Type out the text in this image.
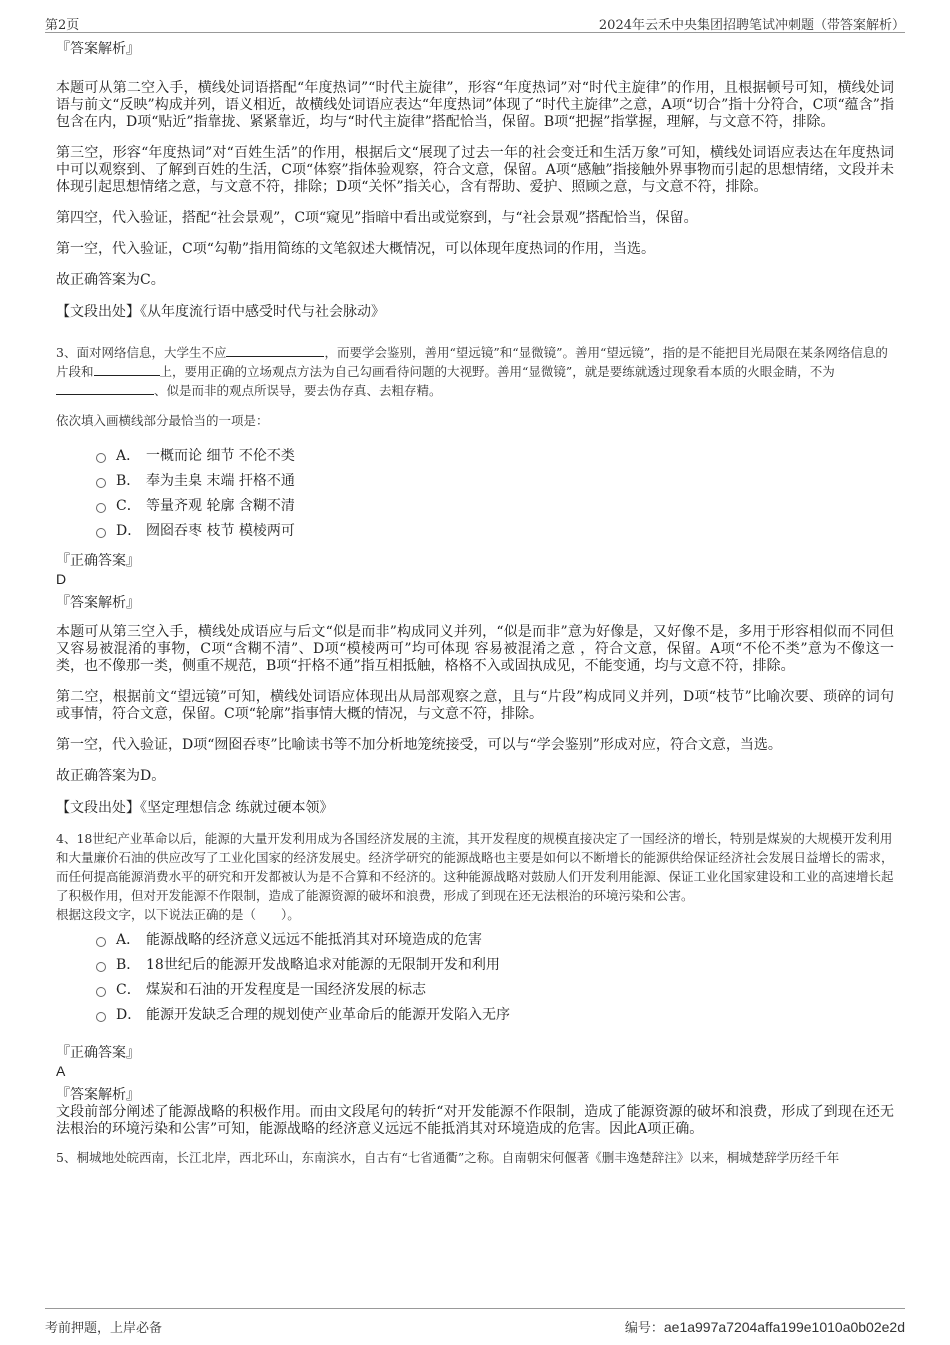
第2页	2024年云禾中央集团招聘笔试冲刺题（带答案解析）

『答案解析』

本题可从第二空入手，横线处词语搭配“年度热词”“时代主旋律”，形容“年度热词”对“时代主旋律”的作用，且根据顿号可知，横线处词语与前文“反映”构成并列，语义相近，故横线处词语应表达“年度热词”体现了“时代主旋律”之意，A项“切合”指十分符合，C项“蕴含”指包含在内，D项“贴近”指靠拢、紧紧靠近，均与“时代主旋律”搭配恰当，保留。B项“把握”指掌握，理解，与文意不符，排除。

第三空，形容“年度热词”对“百姓生活”的作用，根据后文“展现了过去一年的社会变迁和生活万象”可知，横线处词语应表达在年度热词中可以观察到、了解到百姓的生活，C项“体察”指体验观察，符合文意，保留。A项“感触”指接触外界事物而引起的思想情绪，文段并未体现引起思想情绪之意，与文意不符，排除；D项“关怀”指关心，含有帮助、爱护、照顾之意，与文意不符，排除。

第四空，代入验证，搭配“社会景观”，C项“窥见”指暗中看出或觉察到，与“社会景观”搭配恰当，保留。

第一空，代入验证，C项“勾勒”指用简练的文笔叙述大概情况，可以体现年度热词的作用，当选。

故正确答案为C。

【文段出处】《从年度流行语中感受时代与社会脉动》

3、面对网络信息，大学生不应	，而要学会鉴别，善用“望远镜”和“显微镜”。善用“望远镜”，指的是不能把目光局限在某条网络信息的片段和	上，要用正确的立场观点方法为自己勾画看待问题的大视野。善用“显微镜”，就是要练就透过现象看本质的火眼金睛，不为、似是而非的观点所误导，要去伪存真、去粗存精。

依次填入画横线部分最恰当的一项是：

A． 一概而论 细节 不伦不类
B． 奉为圭臬 末端 扞格不通
C． 等量齐观 轮廓 含糊不清
D． 囫囵吞枣 枝节 模棱两可

『正确答案』

D

『答案解析』

本题可从第三空入手，横线处成语应与后文“似是而非”构成同义并列，“似是而非”意为好像是，又好像不是，多用于形容相似而不同但又容易被混淆的事物，C项“含糊不清”、D项“模棱两可”均可体现 容易被混淆之意 ，符合文意，保留。A项“不伦不类”意为不像这一类，也不像那一类，侧重不规范，B项“扞格不通”指互相抵触，格格不入或固执成见，不能变通，均与文意不符，排除。

第二空，根据前文“望远镜”可知，横线处词语应体现出从局部观察之意，且与“片段”构成同义并列，D项“枝节”比喻次要、琐碎的词句或事情，符合文意，保留。C项“轮廓”指事情大概的情况，与文意不符，排除。

第一空，代入验证，D项“囫囵吞枣”比喻读书等不加分析地笼统接受，可以与“学会鉴别”形成对应，符合文意，当选。

故正确答案为D。

【文段出处】《坚定理想信念 练就过硬本领》

4、18世纪产业革命以后，能源的大量开发利用成为各国经济发展的主流，其开发程度的规模直接决定了一国经济的增长，特别是煤炭的大规模开发利用和大量廉价石油的供应改写了工业化国家的经济发展史。经济学研究的能源战略也主要是如何以不断增长的能源供给保证经济社会发展日益增长的需求，而任何提高能源消费水平的研究和开发都被认为是不合算和不经济的。这种能源战略对鼓励人们开发利用能源、保证工业化国家建设和工业的高速增长起了积极作用，但对开发能源不作限制，造成了能源资源的破坏和浪费，形成了到现在还无法根治的环境污染和公害。

根据这段文字，以下说法正确的是（　　）。

A． 能源战略的经济意义远远不能抵消其对环境造成的危害
B． 18世纪后的能源开发战略追求对能源的无限制开发和利用
C． 煤炭和石油的开发程度是一国经济发展的标志
D． 能源开发缺乏合理的规划使产业革命后的能源开发陷入无序

『正确答案』

A

『答案解析』

文段前部分阐述了能源战略的积极作用。而由文段尾句的转折“对开发能源不作限制，造成了能源资源的破坏和浪费，形成了到现在还无法根治的环境污染和公害”可知，能源战略的经济意义远远不能抵消其对环境造成的危害。因此A项正确。

5、桐城地处皖西南，长江北岸，西北环山，东南滨水，自古有“七省通衢”之称。自南朝宋何偃著《删丰逸楚辞注》以来，桐城楚辞学历经千年

考前押题，上岸必备	编号：ae1a997a7204affa199e1010a0b02e2d
